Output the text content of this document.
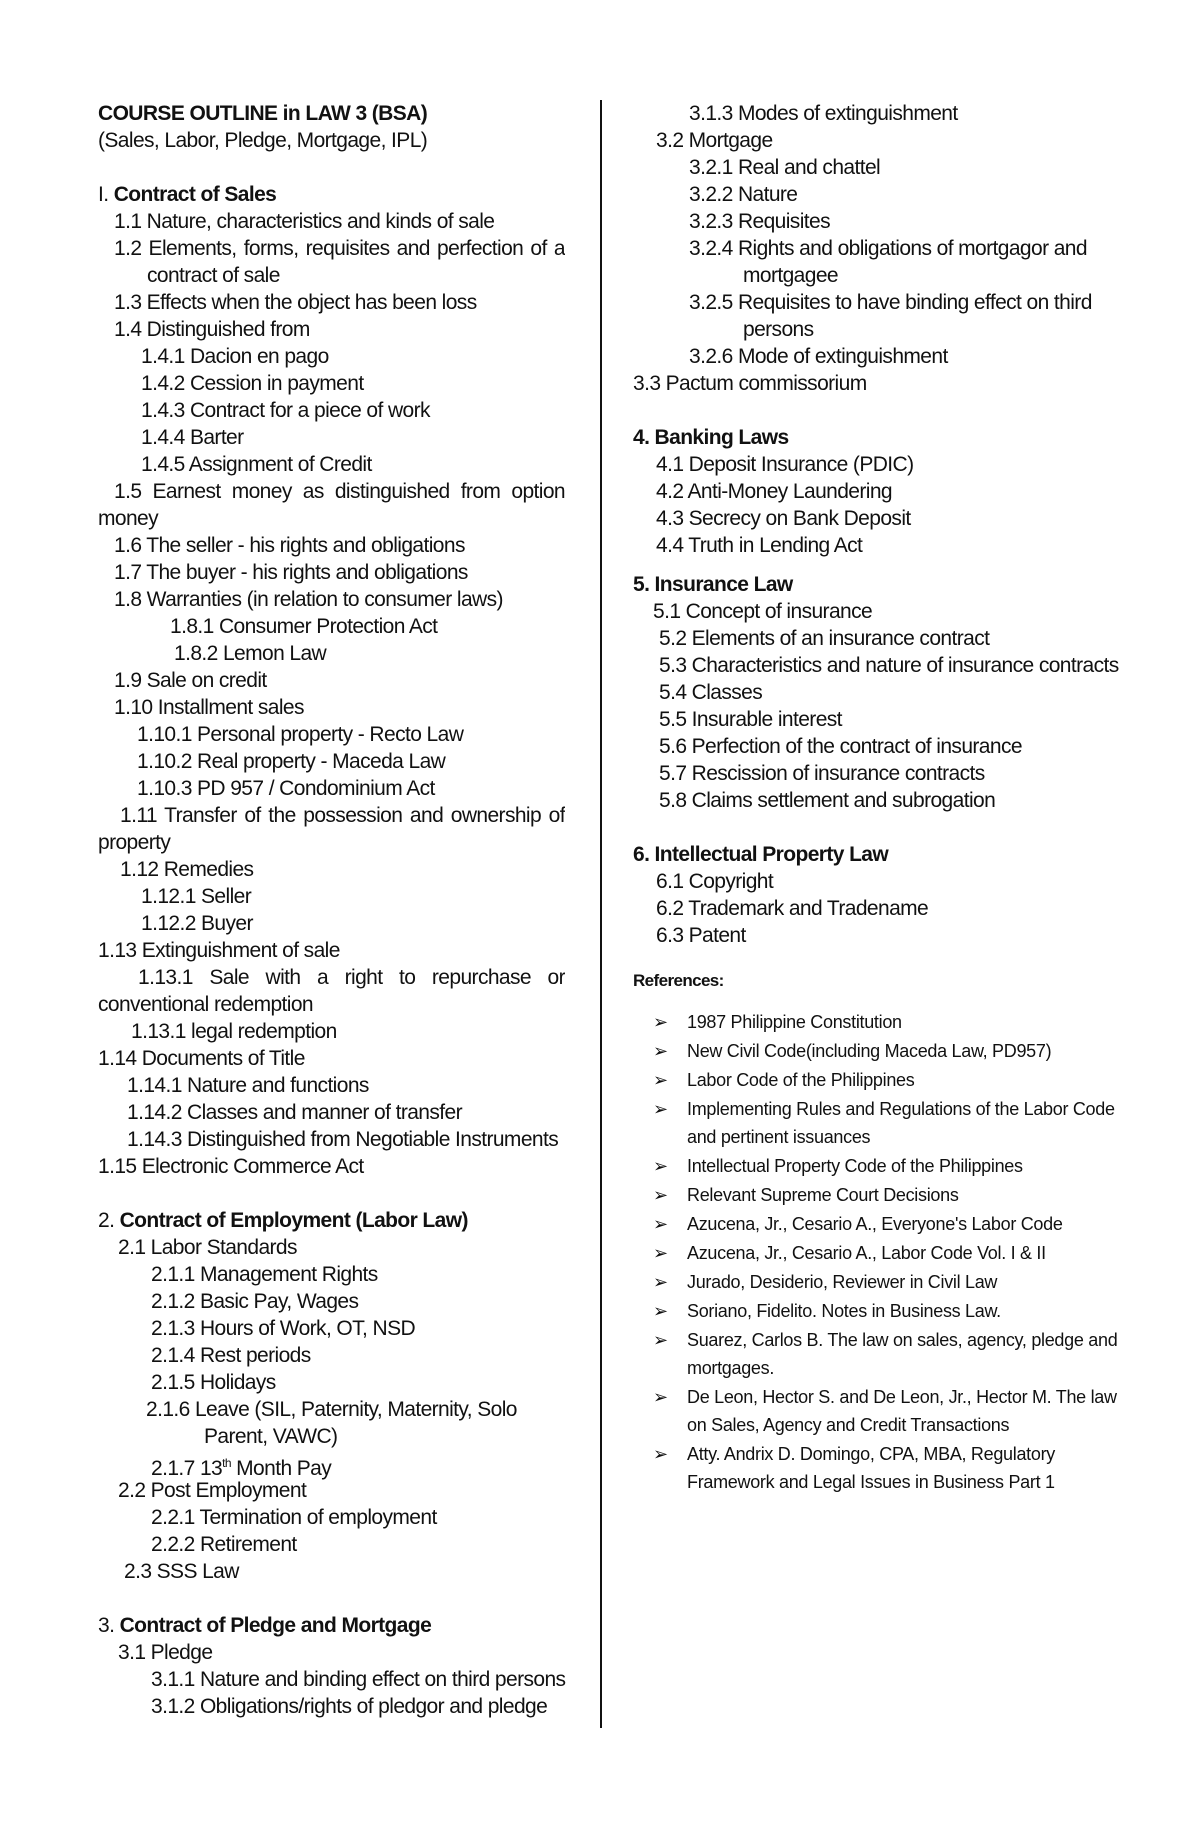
COURSE OUTLINE in LAW 3 (BSA)
(Sales, Labor, Pledge, Mortgage, IPL)
I. Contract of Sales
1.1 Nature, characteristics and kinds of sale
1.2 Elements, forms, requisites and perfection of a
contract of sale
1.3 Effects when the object has been loss
1.4 Distinguished from
1.4.1 Dacion en pago
1.4.2 Cession in payment
1.4.3 Contract for a piece of work
1.4.4 Barter
1.4.5 Assignment of Credit
1.5 Earnest money as distinguished from option
money
1.6 The seller - his rights and obligations
1.7 The buyer - his rights and obligations
1.8 Warranties (in relation to consumer laws)
1.8.1 Consumer Protection Act
1.8.2 Lemon Law
1.9 Sale on credit
1.10 Installment sales
1.10.1 Personal property - Recto Law
1.10.2 Real property - Maceda Law
1.10.3 PD 957 / Condominium Act
1.11 Transfer of the possession and ownership of
property
1.12 Remedies
1.12.1 Seller
1.12.2 Buyer
1.13 Extinguishment of sale
1.13.1 Sale with a right to repurchase or
conventional redemption
1.13.1 legal redemption
1.14 Documents of Title
1.14.1 Nature and functions
1.14.2 Classes and manner of transfer
1.14.3 Distinguished from Negotiable Instruments
1.15 Electronic Commerce Act
2. Contract of Employment (Labor Law)
2.1 Labor Standards
2.1.1 Management Rights
2.1.2 Basic Pay, Wages
2.1.3 Hours of Work, OT, NSD
2.1.4 Rest periods
2.1.5 Holidays
2.1.6 Leave (SIL, Paternity, Maternity, Solo
Parent, VAWC)
2.1.7 13th Month Pay
2.2 Post Employment
2.2.1 Termination of employment
2.2.2 Retirement
2.3 SSS Law
3. Contract of Pledge and Mortgage
3.1 Pledge
3.1.1 Nature and binding effect on third persons
3.1.2 Obligations/rights of pledgor and pledge
3.1.3 Modes of extinguishment
3.2 Mortgage
3.2.1 Real and chattel
3.2.2 Nature
3.2.3 Requisites
3.2.4 Rights and obligations of mortgagor and
mortgagee
3.2.5 Requisites to have binding effect on third
persons
3.2.6 Mode of extinguishment
3.3 Pactum commissorium
4. Banking Laws
4.1 Deposit Insurance (PDIC)
4.2 Anti-Money Laundering
4.3 Secrecy on Bank Deposit
4.4 Truth in Lending Act
5. Insurance Law
5.1 Concept of insurance
5.2 Elements of an insurance contract
5.3 Characteristics and nature of insurance contracts
5.4 Classes
5.5 Insurable interest
5.6 Perfection of the contract of insurance
5.7 Rescission of insurance contracts
5.8 Claims settlement and subrogation
6. Intellectual Property Law
6.1 Copyright
6.2 Trademark and Tradename
6.3 Patent
References:
➢ 1987 Philippine Constitution
➢ New Civil Code(including Maceda Law, PD957)
➢ Labor Code of the Philippines
➢ Implementing Rules and Regulations of the Labor Code and pertinent issuances
➢ Intellectual Property Code of the Philippines
➢ Relevant Supreme Court Decisions
➢ Azucena, Jr., Cesario A., Everyone's Labor Code
➢ Azucena, Jr., Cesario A., Labor Code Vol. I & II
➢ Jurado, Desiderio, Reviewer in Civil Law
➢ Soriano, Fidelito. Notes in Business Law.
➢ Suarez, Carlos B. The law on sales, agency, pledge and mortgages.
➢ De Leon, Hector S. and De Leon, Jr., Hector M. The law on Sales, Agency and Credit Transactions
➢ Atty. Andrix D. Domingo, CPA, MBA, Regulatory Framework and Legal Issues in Business Part 1
